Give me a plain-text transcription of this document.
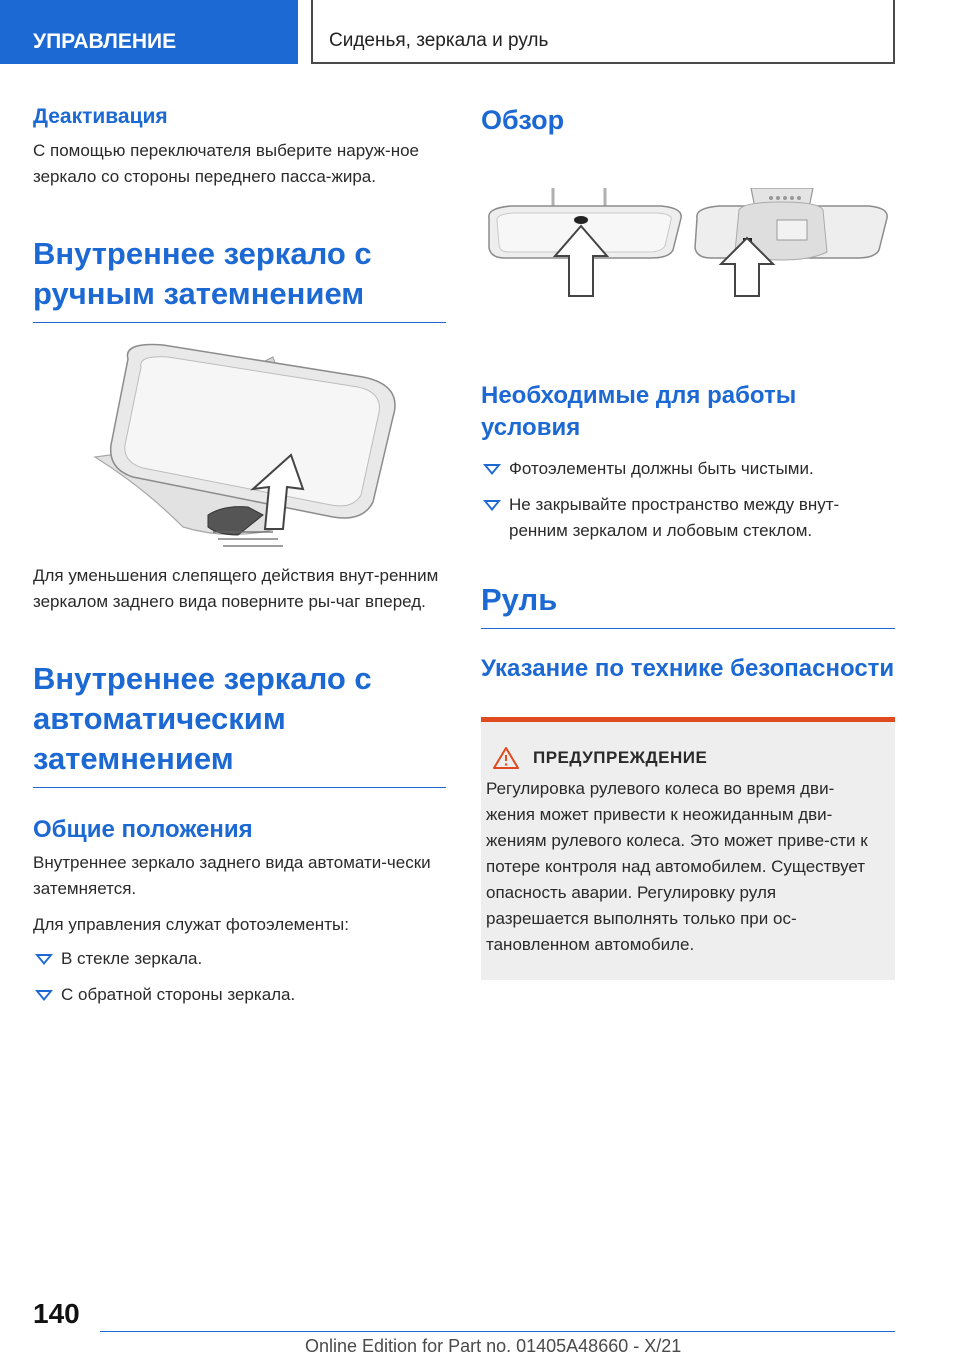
УПРАВЛЕНИЕ	Сиденья, зеркала и руль
Деактивация

С помощью переключателя выберите наруж-ное зеркало со стороны переднего пасса-жира.

Внутреннее зеркало с ручным затемнением

Для уменьшения слепящего действия внут-ренним зеркалом заднего вида поверните ры-чаг вперед.

Внутреннее зеркало с автоматическим затемнением
Общие положения

Внутреннее зеркало заднего вида автомати-чески затемняется.

Для управления служат фотоэлементы:

В стекле зеркала.
С обратной стороны зеркала.
Обзор
Необходимые для работы условия
Фотоэлементы должны быть чистыми.
Не закрывайте пространство между внут-ренним зеркалом и лобовым стеклом.
Руль
Указание по технике безопасности
ПРЕДУПРЕЖДЕНИЕ

Регулировка рулевого колеса во время дви-жения может привести к неожиданным дви-жениям рулевого колеса. Это может приве-сти к потере контроля над автомобилем. Существует опасность аварии. Регулировку руля разрешается выполнять только при ос-тановленном автомобиле.

140
Online Edition for Part no. 01405A48660 - X/21
